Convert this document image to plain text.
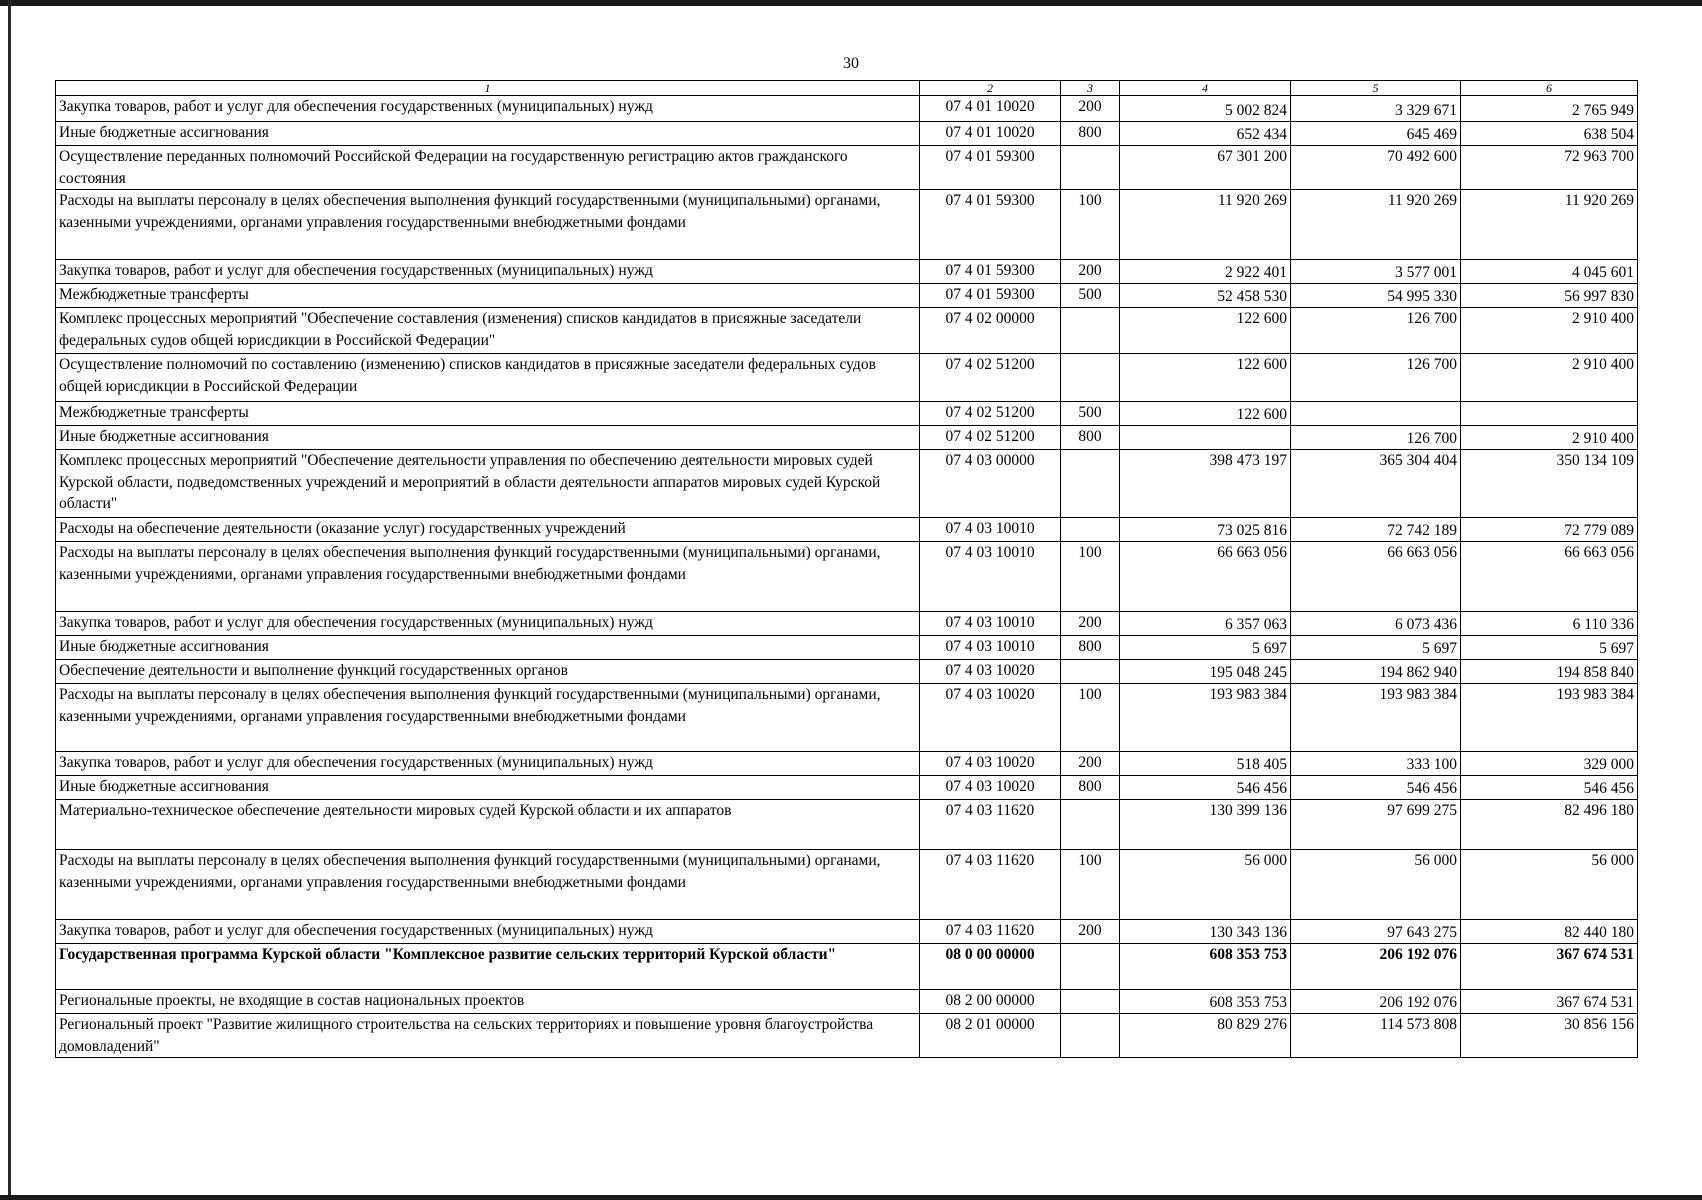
30
1	2	3	4	5	6
Закупка товаров, работ и услуг для обеспечения государственных (муниципальных) нужд	07 4 01 10020	200	5 002 824	3 329 671	2 765 949
Иные бюджетные ассигнования	07 4 01 10020	800	652 434	645 469	638 504
Осуществление переданных полномочий Российской Федерации на государственную регистрацию актов гражданского состояния	07 4 01 59300		67 301 200	70 492 600	72 963 700
Расходы на выплаты персоналу в целях обеспечения выполнения функций государственными (муниципальными) органами, казенными учреждениями, органами управления государственными внебюджетными фондами	07 4 01 59300	100	11 920 269	11 920 269	11 920 269
Закупка товаров, работ и услуг для обеспечения государственных (муниципальных) нужд	07 4 01 59300	200	2 922 401	3 577 001	4 045 601
Межбюджетные трансферты	07 4 01 59300	500	52 458 530	54 995 330	56 997 830
Комплекс процессных мероприятий "Обеспечение составления (изменения) списков кандидатов в присяжные заседатели федеральных судов общей юрисдикции в Российской Федерации"	07 4 02 00000		122 600	126 700	2 910 400
Осуществление полномочий по составлению (изменению) списков кандидатов в присяжные заседатели федеральных судов общей юрисдикции в Российской Федерации	07 4 02 51200		122 600	126 700	2 910 400
Межбюджетные трансферты	07 4 02 51200	500	122 600		
Иные бюджетные ассигнования	07 4 02 51200	800		126 700	2 910 400
Комплекс процессных мероприятий "Обеспечение деятельности управления по обеспечению деятельности мировых судей Курской области, подведомственных учреждений и мероприятий в области деятельности аппаратов мировых судей Курской области"	07 4 03 00000		398 473 197	365 304 404	350 134 109
Расходы на обеспечение деятельности (оказание услуг) государственных учреждений	07 4 03 10010		73 025 816	72 742 189	72 779 089
Расходы на выплаты персоналу в целях обеспечения выполнения функций государственными (муниципальными) органами, казенными учреждениями, органами управления государственными внебюджетными фондами	07 4 03 10010	100	66 663 056	66 663 056	66 663 056
Закупка товаров, работ и услуг для обеспечения государственных (муниципальных) нужд	07 4 03 10010	200	6 357 063	6 073 436	6 110 336
Иные бюджетные ассигнования	07 4 03 10010	800	5 697	5 697	5 697
Обеспечение деятельности и выполнение функций государственных органов	07 4 03 10020		195 048 245	194 862 940	194 858 840
Расходы на выплаты персоналу в целях обеспечения выполнения функций государственными (муниципальными) органами, казенными учреждениями, органами управления государственными внебюджетными фондами	07 4 03 10020	100	193 983 384	193 983 384	193 983 384
Закупка товаров, работ и услуг для обеспечения государственных (муниципальных) нужд	07 4 03 10020	200	518 405	333 100	329 000
Иные бюджетные ассигнования	07 4 03 10020	800	546 456	546 456	546 456
Материально-техническое обеспечение деятельности мировых судей Курской области и их аппаратов	07 4 03 11620		130 399 136	97 699 275	82 496 180
Расходы на выплаты персоналу в целях обеспечения выполнения функций государственными (муниципальными) органами, казенными учреждениями, органами управления государственными внебюджетными фондами	07 4 03 11620	100	56 000	56 000	56 000
Закупка товаров, работ и услуг для обеспечения государственных (муниципальных) нужд	07 4 03 11620	200	130 343 136	97 643 275	82 440 180
Государственная программа Курской области "Комплексное развитие сельских территорий Курской области"	08 0 00 00000		608 353 753	206 192 076	367 674 531
Региональные проекты, не входящие в состав национальных проектов	08 2 00 00000		608 353 753	206 192 076	367 674 531
Региональный проект "Развитие жилищного строительства на сельских территориях и повышение уровня благоустройства домовладений"	08 2 01 00000		80 829 276	114 573 808	30 856 156
